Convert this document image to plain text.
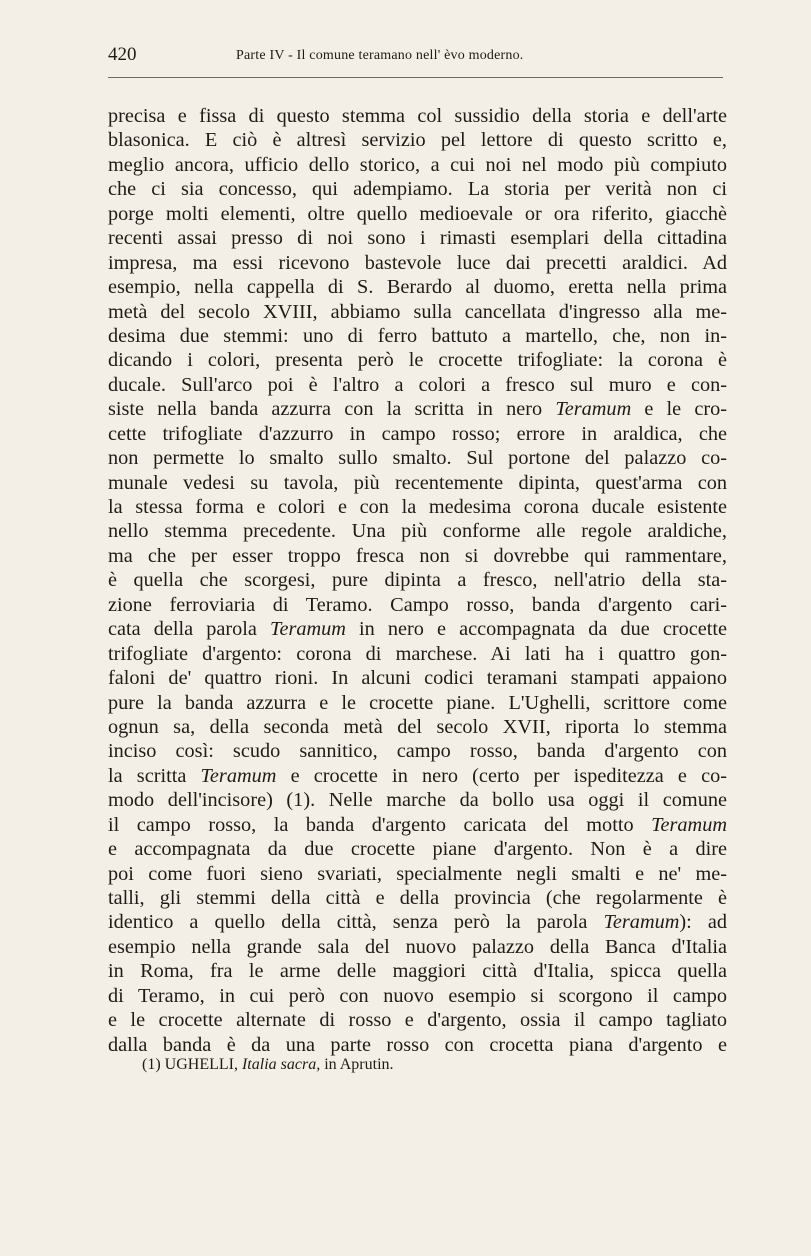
420	Parte IV - Il comune teramano nell' èvo moderno.
precisa e fissa di questo stemma col sussidio della storia e dell'arte
blasonica. E ciò è altresì servizio pel lettore di questo scritto e,
meglio ancora, ufficio dello storico, a cui noi nel modo più compiuto
che ci sia concesso, qui adempiamo. La storia per verità non ci
porge molti elementi, oltre quello medioevale or ora riferito, giacchè
recenti assai presso di noi sono i rimasti esemplari della cittadina
impresa, ma essi ricevono bastevole luce dai precetti araldici. Ad
esempio, nella cappella di S. Berardo al duomo, eretta nella prima
metà del secolo XVIII, abbiamo sulla cancellata d'ingresso alla me-
desima due stemmi: uno di ferro battuto a martello, che, non in-
dicando i colori, presenta però le crocette trifogliate: la corona è
ducale. Sull'arco poi è l'altro a colori a fresco sul muro e con-
siste nella banda azzurra con la scritta in nero Teramum e le cro-
cette trifogliate d'azzurro in campo rosso; errore in araldica, che
non permette lo smalto sullo smalto. Sul portone del palazzo co-
munale vedesi su tavola, più recentemente dipinta, quest'arma con
la stessa forma e colori e con la medesima corona ducale esistente
nello stemma precedente. Una più conforme alle regole araldiche,
ma che per esser troppo fresca non si dovrebbe qui rammentare,
è quella che scorgesi, pure dipinta a fresco, nell'atrio della sta-
zione ferroviaria di Teramo. Campo rosso, banda d'argento cari-
cata della parola Teramum in nero e accompagnata da due crocette
trifogliate d'argento: corona di marchese. Ai lati ha i quattro gon-
faloni de' quattro rioni. In alcuni codici teramani stampati appaiono
pure la banda azzurra e le crocette piane. L'Ughelli, scrittore come
ognun sa, della seconda metà del secolo XVII, riporta lo stemma
inciso così: scudo sannitico, campo rosso, banda d'argento con
la scritta Teramum e crocette in nero (certo per ispeditezza e co-
modo dell'incisore) (1). Nelle marche da bollo usa oggi il comune
il campo rosso, la banda d'argento caricata del motto Teramum
e accompagnata da due crocette piane d'argento. Non è a dire
poi come fuori sieno svariati, specialmente negli smalti e ne' me-
talli, gli stemmi della città e della provincia (che regolarmente è
identico a quello della città, senza però la parola Teramum): ad
esempio nella grande sala del nuovo palazzo della Banca d'Italia
in Roma, fra le arme delle maggiori città d'Italia, spicca quella
di Teramo, in cui però con nuovo esempio si scorgono il campo
e le crocette alternate di rosso e d'argento, ossia il campo tagliato
dalla banda è da una parte rosso con crocetta piana d'argento e
(1) UGHELLI, Italia sacra, in Aprutin.
